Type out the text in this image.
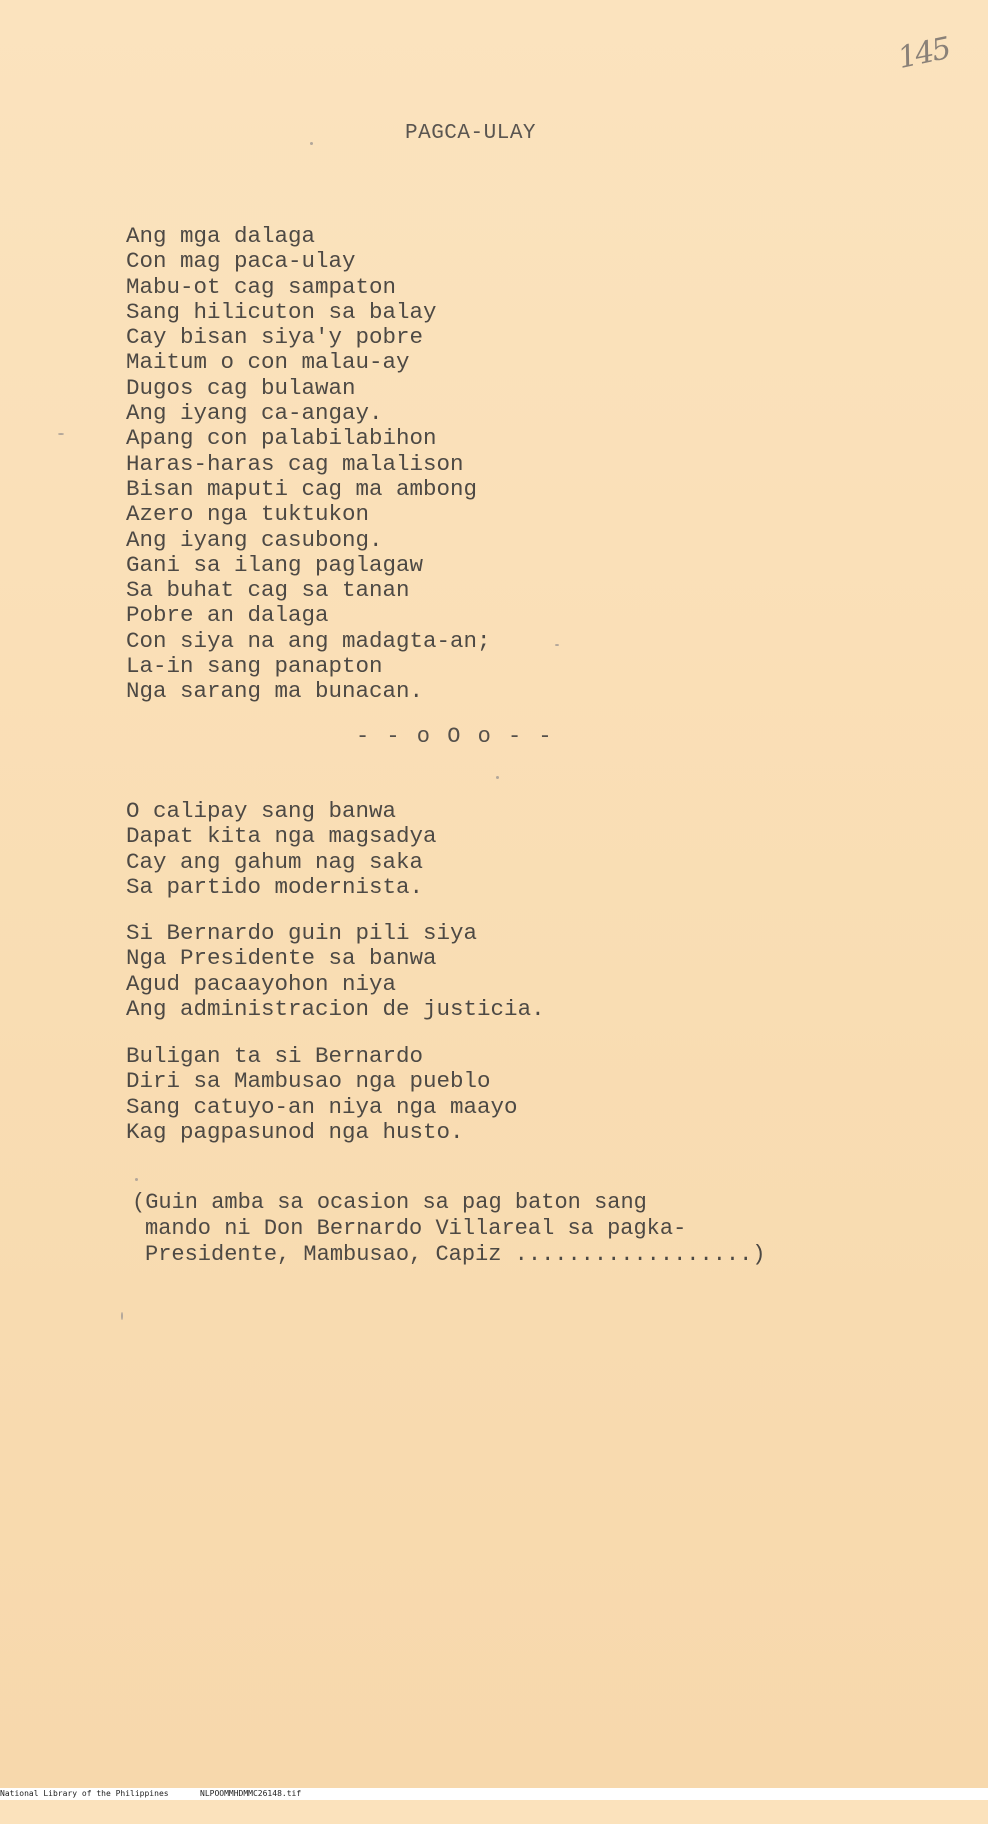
145
PAGCA-ULAY
Ang mga dalaga
Con mag paca-ulay
Mabu-ot cag sampaton
Sang hilicuton sa balay
Cay bisan siya'y pobre
Maitum o con malau-ay
Dugos cag bulawan
Ang iyang ca-angay.
Apang con palabilabihon
Haras-haras cag malalison
Bisan maputi cag ma ambong
Azero nga tuktukon
Ang iyang casubong.
Gani sa ilang paglagaw
Sa buhat cag sa tanan
Pobre an dalaga
Con siya na ang madagta-an;
La-in sang panapton
Nga sarang ma bunacan.
- - o O o - -
O calipay sang banwa
Dapat kita nga magsadya
Cay ang gahum nag saka
Sa partido modernista.
Si Bernardo guin pili siya
Nga Presidente sa banwa
Agud pacaayohon niya
Ang administracion de justicia.
Buligan ta si Bernardo
Diri sa Mambusao nga pueblo
Sang catuyo-an niya nga maayo
Kag pagpasunod nga husto.
(Guin amba sa ocasion sa pag baton sang
mando ni Don Bernardo Villareal sa pagka-
Presidente, Mambusao, Capiz ..................)

National Library of the Philippines

	NLPOOMMHDMMC26148.tif
